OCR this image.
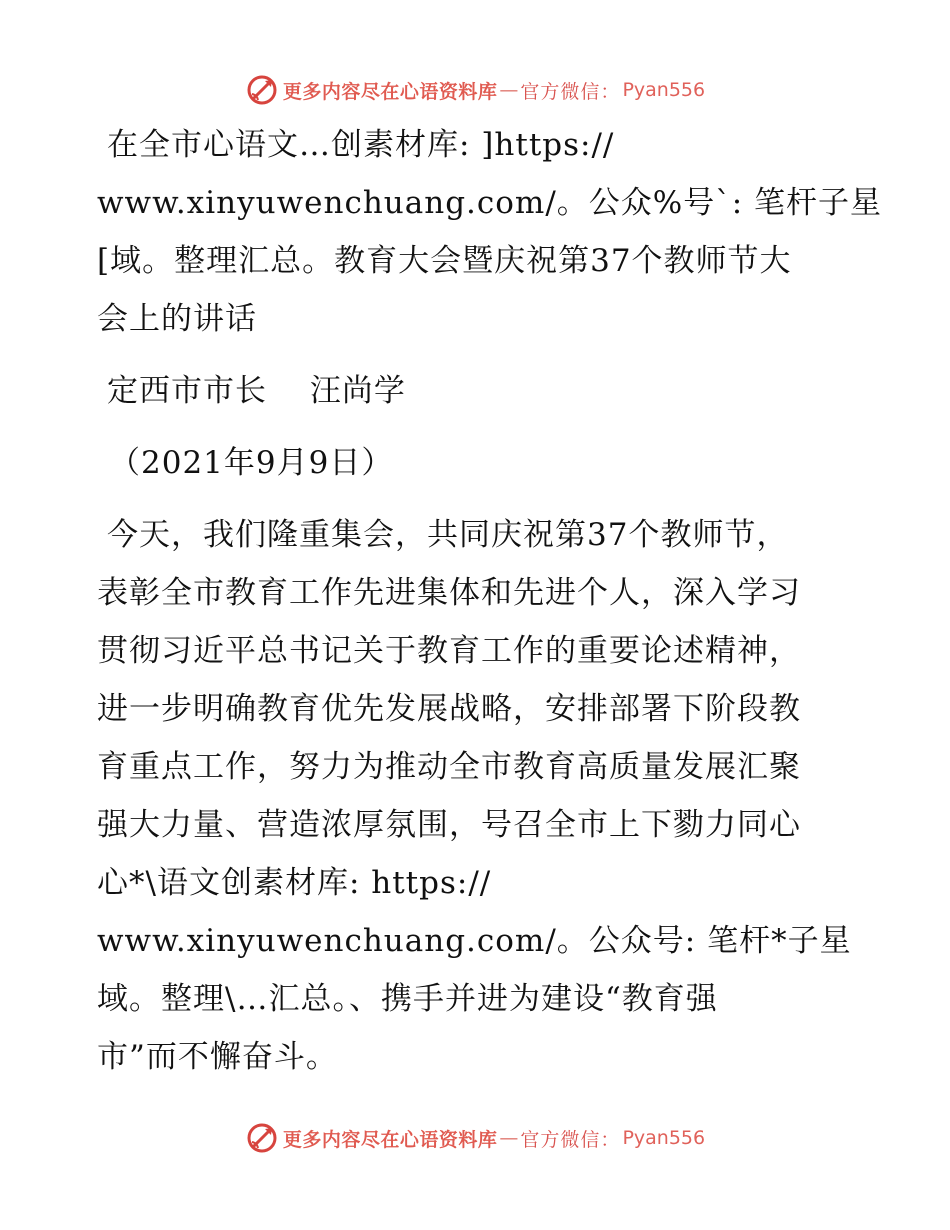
更多内容尽在心语资料库 — 官方微信： Pyan556
在全市心语文…创素材库: ]https://
www.xinyuwenchuang.com/。公众%号`: 笔杆子星
[域。整理汇总。教育大会暨庆祝第37个教师节大
会上的讲话
定西市市长　 汪尚学
（2021年9月9日）
今天，我们隆重集会，共同庆祝第37个教师节，
表彰全市教育工作先进集体和先进个人，深入学习
贯彻习近平总书记关于教育工作的重要论述精神，
进一步明确教育优先发展战略，安排部署下阶段教
育重点工作，努力为推动全市教育高质量发展汇聚
强大力量、营造浓厚氛围，号召全市上下勠力同心
心*\语文创素材库: https://
www.xinyuwenchuang.com/。公众号: 笔杆*子星
域。整理\…汇总。、携手并进为建设“教育强
市”而不懈奋斗。
更多内容尽在心语资料库 — 官方微信： Pyan556
